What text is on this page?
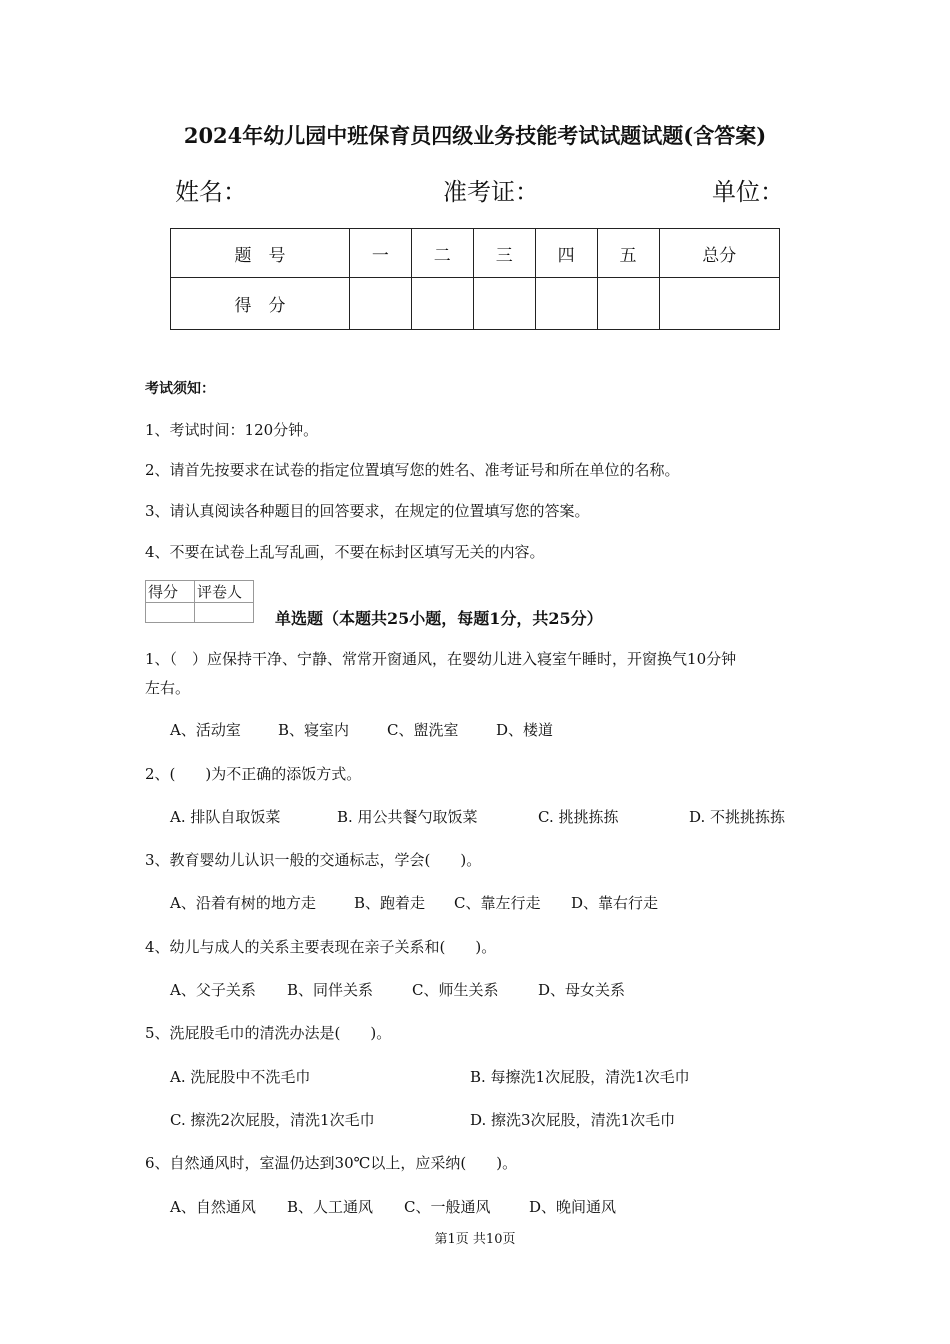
2024年幼儿园中班保育员四级业务技能考试试题试题(含答案)
姓名：	准考证：	单位：
题　号	一	二	三	四	五	总分
得　分						
考试须知：
1、考试时间：120分钟。
2、请首先按要求在试卷的指定位置填写您的姓名、准考证号和所在单位的名称。
3、请认真阅读各种题目的回答要求，在规定的位置填写您的答案。
4、不要在试卷上乱写乱画，不要在标封区填写无关的内容。
得分	评卷人

单选题（本题共25小题，每题1分，共25分）
1、（　）应保持干净、宁静、常常开窗通风，在婴幼儿进入寝室午睡时，开窗换气10分钟
左右。
A、活动室 B、寝室内	C、盥洗室	D、楼道
2、(　　)为不正确的添饭方式。
A. 排队自取饭菜	B. 用公共餐勺取饭菜	C. 挑挑拣拣	D. 不挑挑拣拣
3、教育婴幼儿认识一般的交通标志，学会(　　)。
A、沿着有树的地方走	B、跑着走 C、靠左行走 D、靠右行走
4、幼儿与成人的关系主要表现在亲子关系和(　　)。
A、父子关系 B、同伴关系	C、师生关系	D、母女关系
5、洗屁股毛巾的清洗办法是(　　)。
A. 洗屁股中不洗毛巾	B. 每擦洗1次屁股，清洗1次毛巾
C. 擦洗2次屁股，清洗1次毛巾	D. 擦洗3次屁股，清洗1次毛巾
6、自然通风时，室温仍达到30℃以上，应采纳(　　)。
A、自然通风 B、人工通风 C、一般通风	D、晚间通风
第1页 共10页
